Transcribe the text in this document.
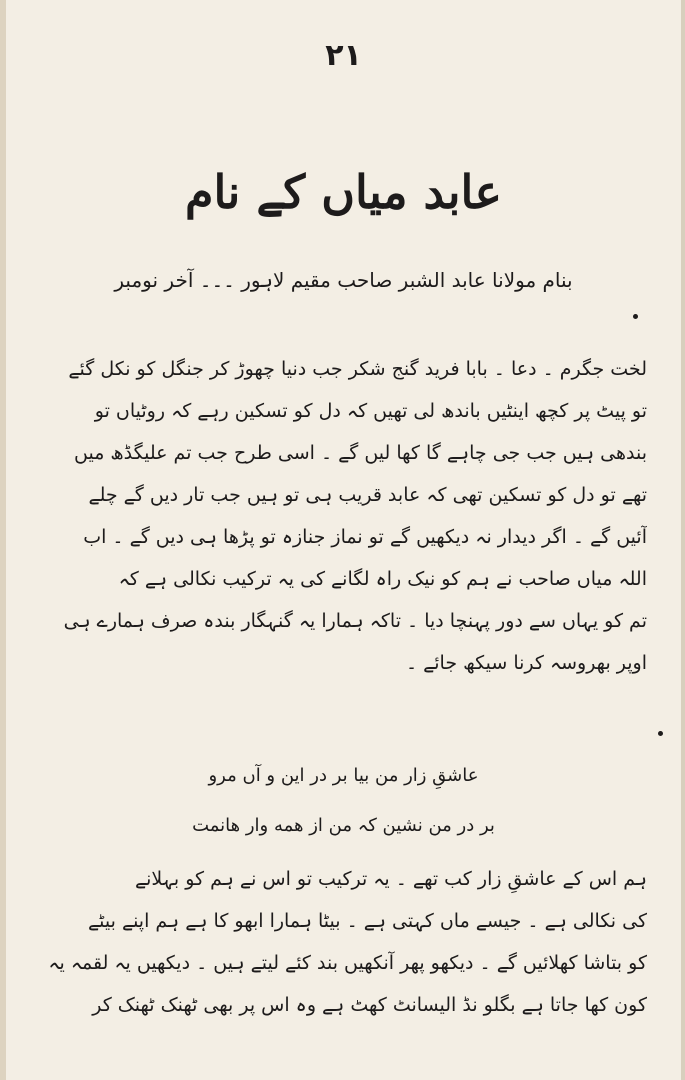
۲۱
عابد میاں کے نام
بنام مولانا عابد الشبر صاحب مقیم لاہور ۔۔۔ آخر نومبر
لخت جگرم ۔ دعا ۔ بابا فرید گنج شکر جب دنیا چھوڑ کر جنگل کو نکل گئے
تو پیٹ پر کچھ اینٹیں باندھ لی تھیں کہ دل کو تسکین رہے کہ روٹیاں تو
بندھی ہیں جب جی چاہے گا کھا لیں گے ۔ اسی طرح جب تم علیگڈھ میں
تھے تو دل کو تسکین تھی کہ عابد قریب ہی تو ہیں جب تار دیں گے چلے
آئیں گے ۔ اگر دیدار نہ دیکھیں گے تو نماز جنازہ تو پڑھا ہی دیں گے ۔ اب
اللہ میاں صاحب نے ہم کو نیک راہ لگانے کی یہ ترکیب نکالی ہے کہ
تم کو یہاں سے دور پہنچا دیا ۔ تاکہ ہمارا یہ گنہگار بندہ صرف ہمارے ہی
اوپر بھروسہ کرنا سیکھ جائے ۔
عاشقِ زار من بیا بر در این و آں مرو
بر در من نشین کہ من از همه وار هانمت
ہم اس کے عاشقِ زار کب تھے ۔ یہ ترکیب تو اس نے ہم کو بہلانے
کی نکالی ہے ۔ جیسے ماں کہتی ہے ۔ بیٹا ہمارا ابھو کا ہے ہم اپنے بیٹے
کو بتاشا کھلائیں گے ۔ دیکھو پھر آنکھیں بند کئے لیتے ہیں ۔ دیکھیں یہ لقمہ یہ
کون کھا جاتا ہے بگلو نڈ الیسانٹ کھٹ ہے وہ اس پر بھی ٹھنک ٹھنک کر
